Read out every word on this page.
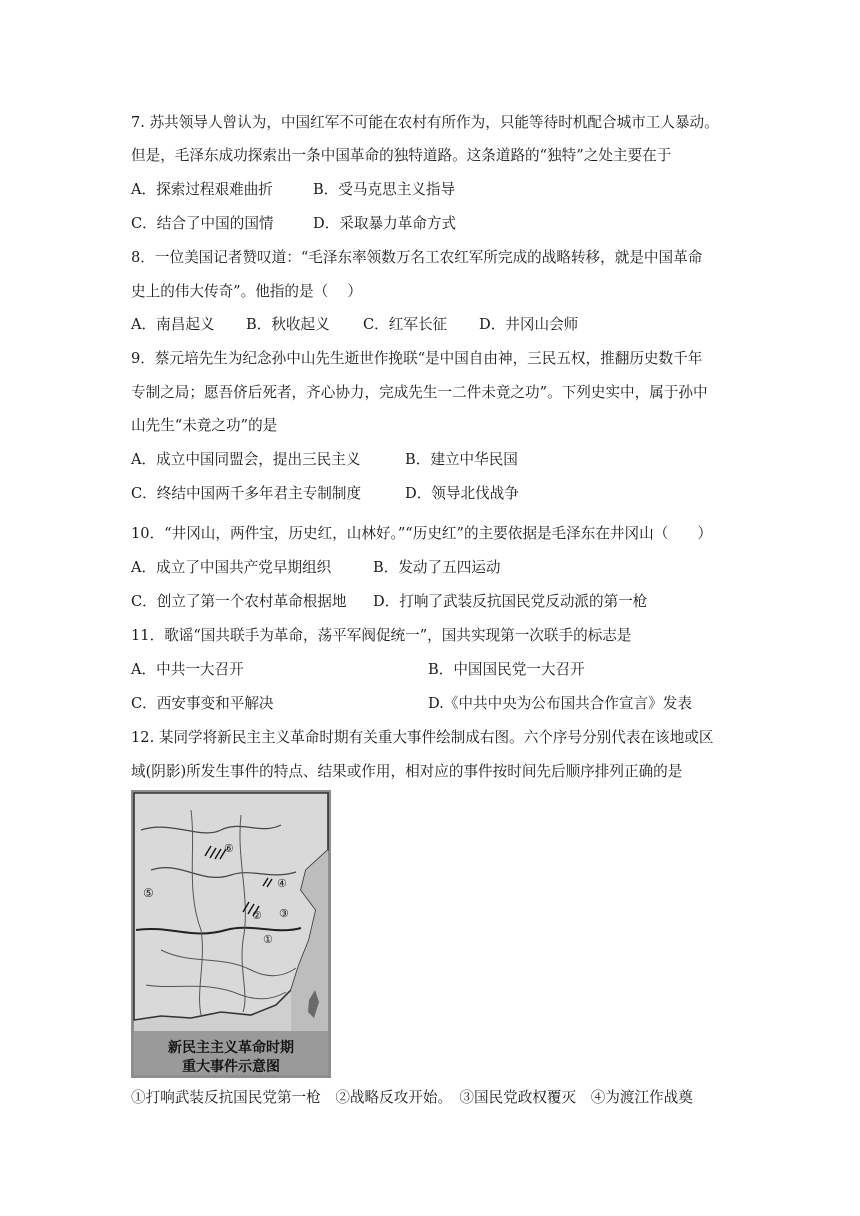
7. 苏共领导人曾认为，中国红军不可能在农村有所作为，只能等待时机配合城市工人暴动。
但是，毛泽东成功探索出一条中国革命的独特道路。这条道路的“独特”之处主要在于
A．探索过程艰难曲折	B．受马克思主义指导
C．结合了中国的国情	D．采取暴力革命方式
8．一位美国记者赞叹道：“毛泽东率领数万名工农红军所完成的战略转移，就是中国革命
史上的伟大传奇”。他指的是（　 ）
A．南昌起义 B．秋收起义 C．红军长征 D．井冈山会师
9．蔡元培先生为纪念孙中山先生逝世作挽联“是中国自由神，三民五权，推翻历史数千年
专制之局；愿吾侪后死者，齐心协力，完成先生一二件未竟之功”。下列史实中，属于孙中
山先生“未竟之功”的是
A．成立中国同盟会，提出三民主义	B．建立中华民国
C．终结中国两千多年君主专制制度	D．领导北伐战争
10．“井冈山，两件宝，历史红，山林好。”“历史红”的主要依据是毛泽东在井冈山（　　）
A．成立了中国共产党早期组织	B．发动了五四运动
C．创立了第一个农村革命根据地 D．打响了武装反抗国民党反动派的第一枪
11．歌谣“国共联手为革命，荡平军阀促统一”，国共实现第一次联手的标志是
A．中共一大召开	B．中国国民党一大召开
C．西安事变和平解决	D.《中共中央为公布国共合作宣言》发表
12. 某同学将新民主主义革命时期有关重大事件绘制成右图。六个序号分别代表在该地或区
域(阴影)所发生事件的特点、结果或作用，相对应的事件按时间先后顺序排列正确的是
①
② ③
④
⑤
⑥
新民主主义革命时期
重大事件示意图
①打响武装反抗国民党第一枪　②战略反攻开始。　③国民党政权覆灭　④为渡江作战奠
